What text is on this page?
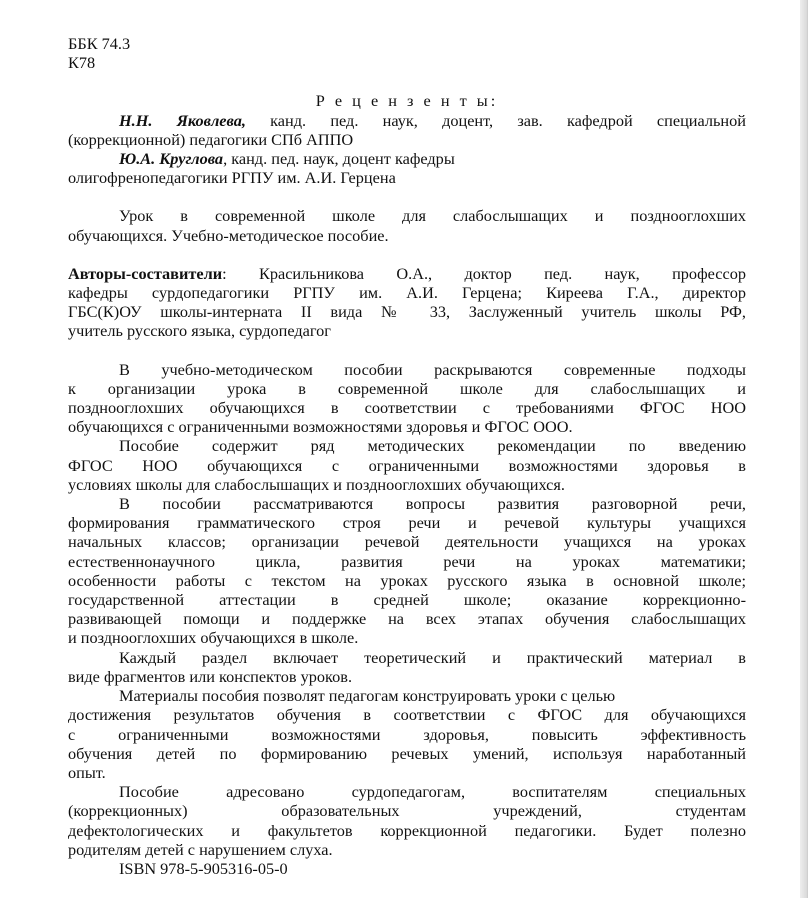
ББК 74.3
К78
Р е ц е н з е н т ы:
Н.Н. Яковлева, канд. пед. наук, доцент, зав. кафедрой специальной
(коррекционной) педагогики СПб АППО
Ю.А. Круглова, канд. пед. наук, доцент кафедры
олигофренопедагогики РГПУ им. А.И. Герцена
Урок в современной школе для слабослышащих и позднооглохших
обучающихся. Учебно-методическое пособие.
Авторы-составители: Красильникова О.А., доктор пед. наук, профессор
кафедры сурдопедагогики РГПУ им. А.И. Герцена; Киреева Г.А., директор
ГБС(К)ОУ школы-интерната II вида № 33, Заслуженный учитель школы РФ,
учитель русского языка, сурдопедагог
В учебно-методическом пособии раскрываются современные подходы
к организации урока в современной школе для слабослышащих и
позднооглохших обучающихся в соответствии с требованиями ФГОС НОО
обучающихся с ограниченными возможностями здоровья и ФГОС ООО.
Пособие содержит ряд методических рекомендации по введению
ФГОС НОО обучающихся с ограниченными возможностями здоровья в
условиях школы для слабослышащих и позднооглохших обучающихся.
В пособии рассматриваются вопросы развития разговорной речи,
формирования грамматического строя речи и речевой культуры учащихся
начальных классов; организации речевой деятельности учащихся на уроках
естественнонаучного цикла, развития речи на уроках математики;
особенности работы с текстом на уроках русского языка в основной школе;
государственной аттестации в средней школе; оказание коррекционно-
развивающей помощи и поддержке на всех этапах обучения слабослышащих
и позднооглохших обучающихся в школе.
Каждый раздел включает теоретический и практический материал в
виде фрагментов или конспектов уроков.
Материалы пособия позволят педагогам конструировать уроки с целью
достижения результатов обучения в соответствии с ФГОС для обучающихся
с ограниченными возможностями здоровья, повысить эффективность
обучения детей по формированию речевых умений, используя наработанный
опыт.
Пособие адресовано сурдопедагогам, воспитателям специальных
(коррекционных) образовательных учреждений, студентам
дефектологических и факультетов коррекционной педагогики. Будет полезно
родителям детей с нарушением слуха.
ISBN 978-5-905316-05-0
